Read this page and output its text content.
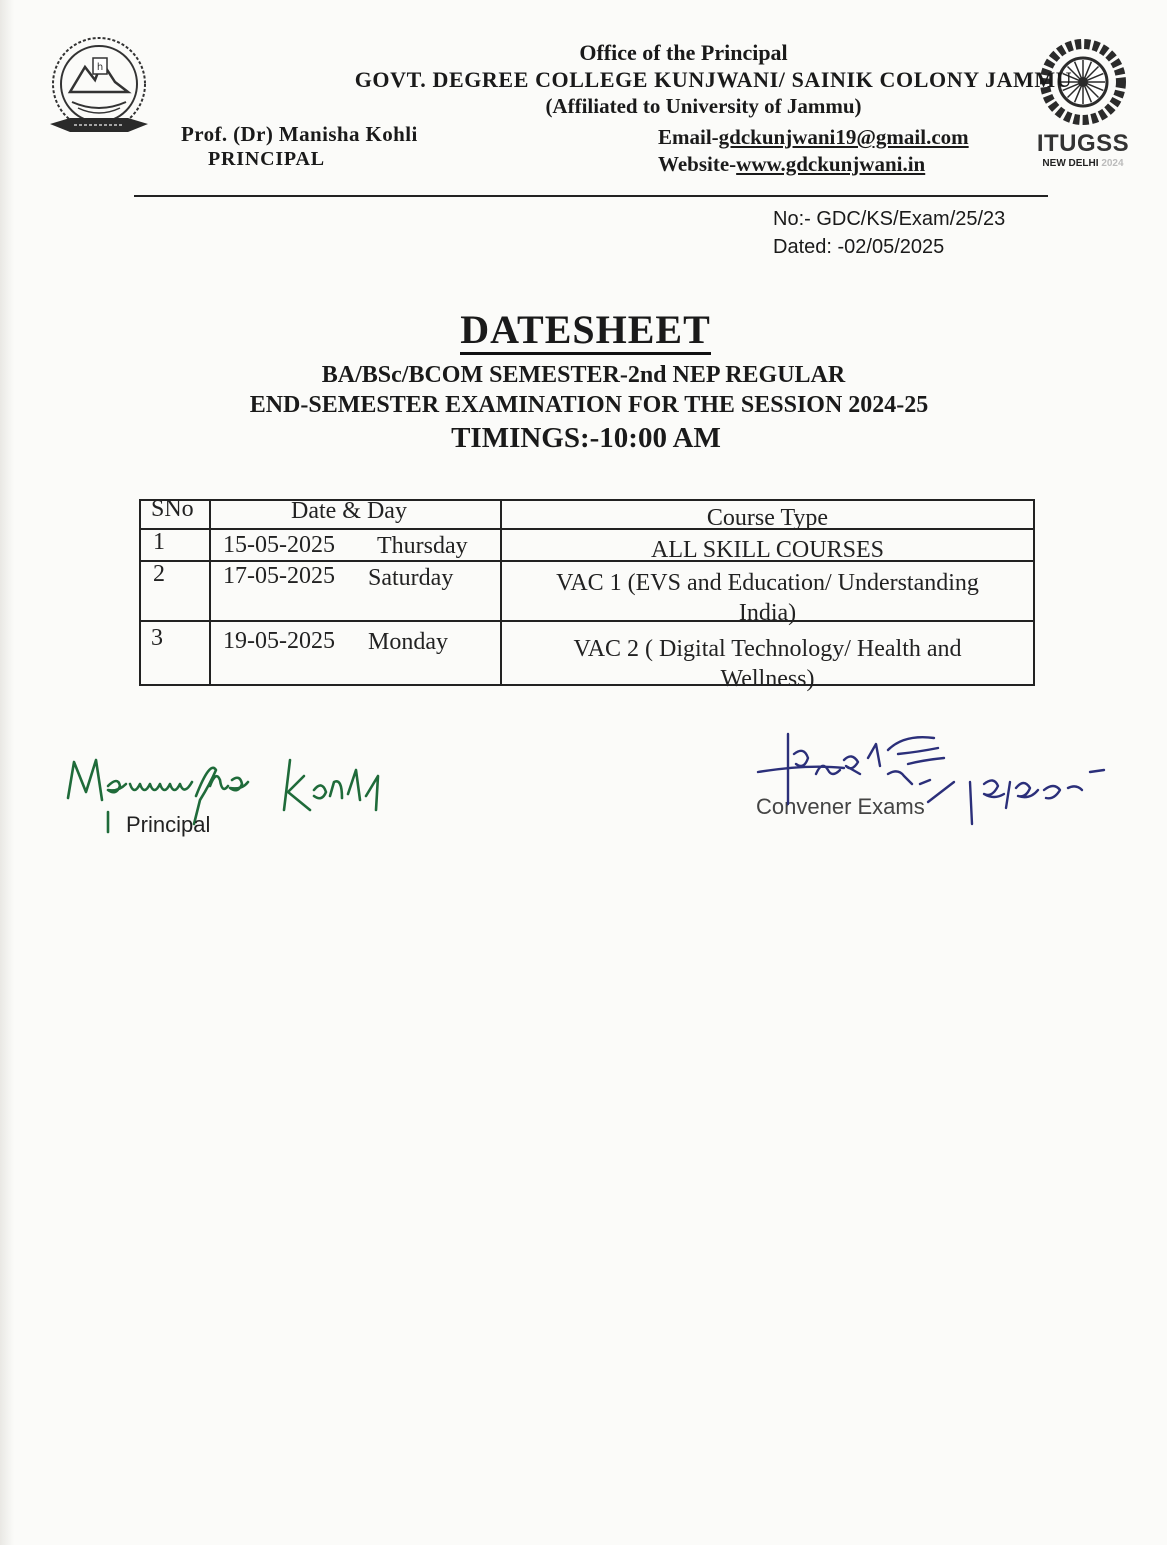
h
ITUGSS
NEW DELHI 2024
Office of the Principal
GOVT. DEGREE COLLEGE KUNJWANI/ SAINIK COLONY JAMMU
(Affiliated to University of Jammu)
Prof. (Dr) Manisha Kohli
PRINCIPAL
Email-gdckunjwani19@gmail.com
Website-www.gdckunjwani.in
No:- GDC/KS/Exam/25/23
Dated: -02/05/2025
DATESHEET
BA/BSc/BCOM SEMESTER-2nd NEP REGULAR
END-SEMESTER EXAMINATION FOR THE SESSION 2024-25
TIMINGS:-10:00 AM
SNo	Date & Day	Course Type
1 15-05-2025 Thursday	ALL SKILL COURSES
2 17-05-2025 Saturday	VAC 1 (EVS and Education/ Understanding
India)
3	19-05-2025 Monday	VAC 2 ( Digital Technology/ Health and
Wellness)
Principal
Convener Exams
